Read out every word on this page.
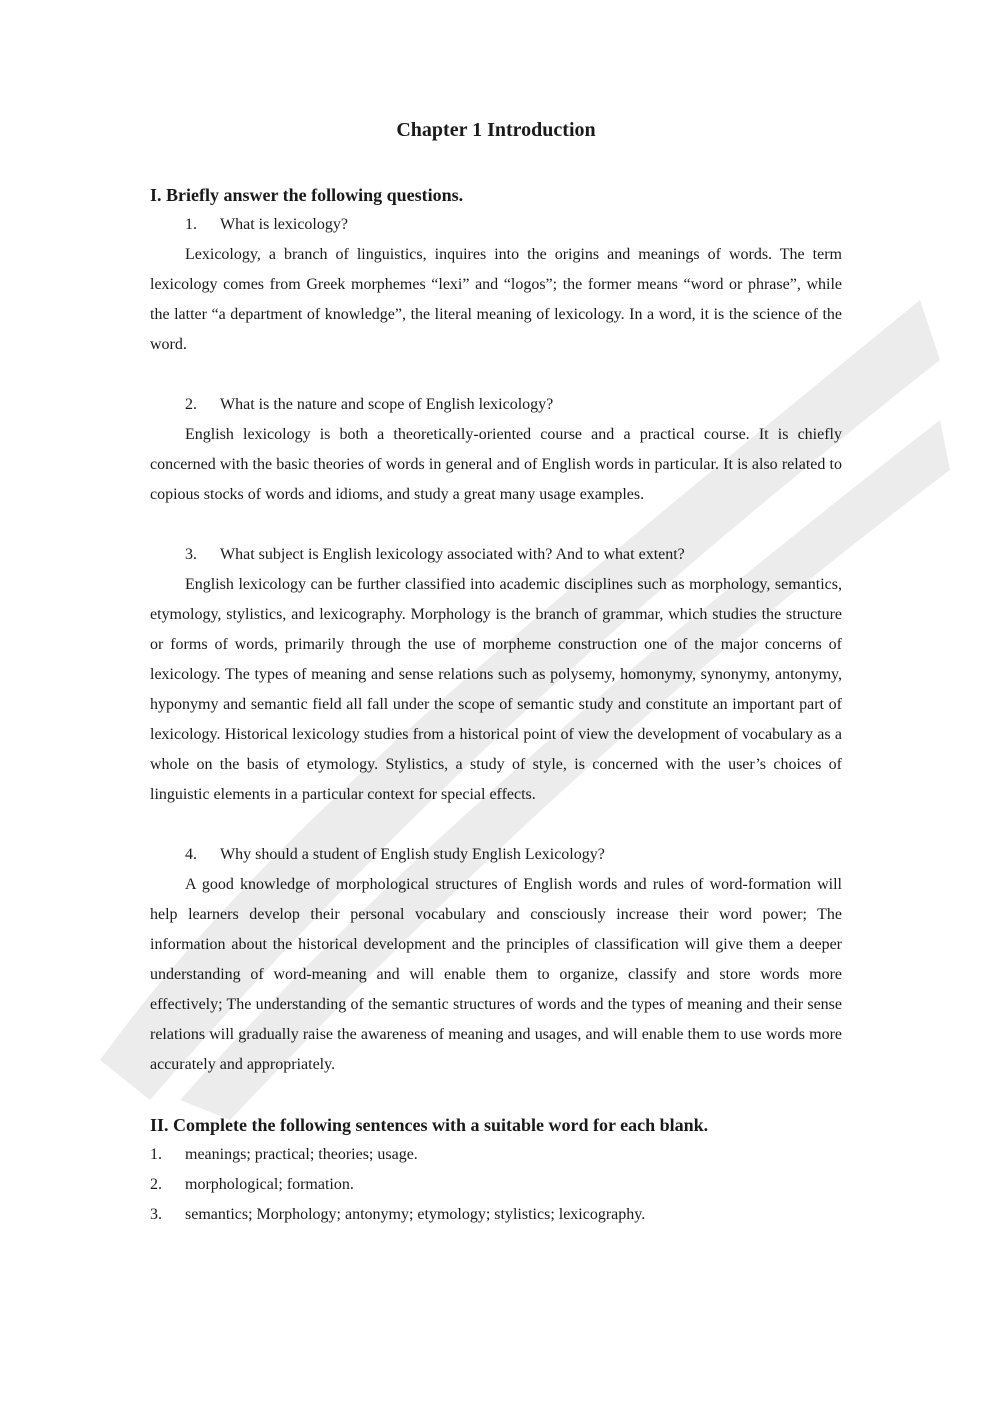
Chapter 1 Introduction
I. Briefly answer the following questions.

1. What is lexicology?

Lexicology, a branch of linguistics, inquires into the origins and meanings of words. The term lexicology comes from Greek morphemes “lexi” and “logos”; the former means “word or phrase”, while the latter “a department of knowledge”, the literal meaning of lexicology. In a word, it is the science of the word.

2. What is the nature and scope of English lexicology?

English lexicology is both a theoretically-oriented course and a practical course. It is chiefly concerned with the basic theories of words in general and of English words in particular. It is also related to copious stocks of words and idioms, and study a great many usage examples.

3. What subject is English lexicology associated with? And to what extent?

English lexicology can be further classified into academic disciplines such as morphology, semantics, etymology, stylistics, and lexicography. Morphology is the branch of grammar, which studies the structure or forms of words, primarily through the use of morpheme construction one of the major concerns of lexicology. The types of meaning and sense relations such as polysemy, homonymy, synonymy, antonymy, hyponymy and semantic field all fall under the scope of semantic study and constitute an important part of lexicology. Historical lexicology studies from a historical point of view the development of vocabulary as a whole on the basis of etymology. Stylistics, a study of style, is concerned with the user’s choices of linguistic elements in a particular context for special effects.

4. Why should a student of English study English Lexicology?

A good knowledge of morphological structures of English words and rules of word-formation will help learners develop their personal vocabulary and consciously increase their word power; The information about the historical development and the principles of classification will give them a deeper understanding of word-meaning and will enable them to organize, classify and store words more effectively; The understanding of the semantic structures of words and the types of meaning and their sense relations will gradually raise the awareness of meaning and usages, and will enable them to use words more accurately and appropriately.

II. Complete the following sentences with a suitable word for each blank.

1. meanings; practical; theories; usage.

2. morphological; formation.

3. semantics; Morphology; antonymy; etymology; stylistics; lexicography.
